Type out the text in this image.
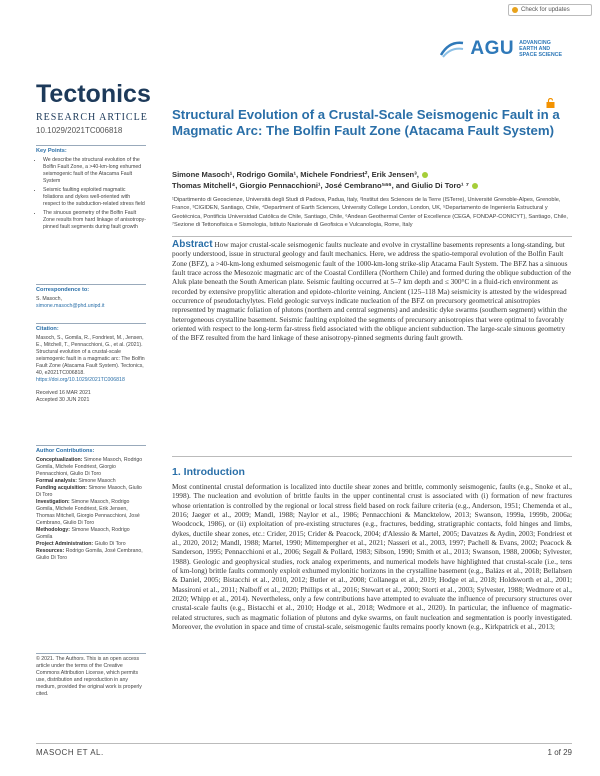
Check for updates
AGU ADVANCING
EARTH AND
SPACE SCIENCE
Tectonics
RESEARCH ARTICLE
10.1029/2021TC006818
Key Points:
• We describe the structural evolution of the Bolfin Fault Zone, a >40-km-long exhumed seismogenic fault of the Atacama Fault System
• Seismic faulting exploited magmatic foliations and dykes well-oriented with respect to the subduction-related stress field
• The sinuous geometry of the Bolfin Fault Zone results from hard linkage of anisotropy-pinned fault segments during fault growth
Correspondence to:

S. Masoch,

simone.masoch@phd.unipd.it

Citation:

Masoch, S., Gomila, R., Fondriest, M., Jensen, E., Mitchell, T., Pennacchioni, G., et al. (2021). Structural evolution of a crustal-scale seismogenic fault in a magmatic arc: The Bolfin Fault Zone (Atacama Fault System). Tectonics, 40, e2021TC006818.

https://doi.org/10.1029/2021TC006818

Received 16 MAR 2021

Accepted 30 JUN 2021

Author Contributions:

Conceptualization: Simone Masoch, Rodrigo Gomila, Michele Fondriest, Giorgio Pennacchioni, Giulio Di Toro

Formal analysis: Simone Masoch

Funding acquisition: Simone Masoch, Giulio Di Toro

Investigation: Simone Masoch, Rodrigo Gomila, Michele Fondriest, Erik Jensen, Thomas Mitchell, Giorgio Pennacchioni, José Cembrano, Giulio Di Toro

Methodology: Simone Masoch, Rodrigo Gomila

Project Administration: Giulio Di Toro

Resources: Rodrigo Gomila, José Cembrano, Giulio Di Toro

© 2021. The Authors. This is an open access article under the terms of the Creative Commons Attribution License, which permits use, distribution and reproduction in any medium, provided the original work is properly cited.

Structural Evolution of a Crustal-Scale Seismogenic Fault in a Magmatic Arc: The Bolfin Fault Zone (Atacama Fault System)
Simone Masoch¹, Rodrigo Gomila¹, Michele Fondriest², Erik Jensen³,
Thomas Mitchell⁴, Giorgio Pennacchioni¹, José Cembrano⁵ᵃ⁶, and Giulio Di Toro¹ ⁷
¹Dipartimento di Geoscienze, Università degli Studi di Padova, Padua, Italy, ²Institut des Sciences de la Terre (ISTerre), Université Grenoble-Alpes, Grenoble, France, ³CIGIDEN, Santiago, Chile, ⁴Department of Earth Sciences, University College London, London, UK, ⁵Departamento de Ingeniería Estructural y Geotécnica, Pontificia Universidad Católica de Chile, Santiago, Chile, ⁶Andean Geothermal Center of Excellence (CEGA, FONDAP-CONICYT), Santiago, Chile, ⁷Sezione di Tettonofisica e Sismologia, Istituto Nazionale di Geofisica e Vulcanologia, Rome, Italy
Abstract How major crustal-scale seismogenic faults nucleate and evolve in crystalline basements represents a long-standing, but poorly understood, issue in structural geology and fault mechanics. Here, we address the spatio-temporal evolution of the Bolfin Fault Zone (BFZ), a >40-km-long exhumed seismogenic fault of the 1000-km-long strike-slip Atacama Fault System. The BFZ has a sinuous fault trace across the Mesozoic magmatic arc of the Coastal Cordillera (Northern Chile) and formed during the oblique subduction of the Aluk plate beneath the South American plate. Seismic faulting occurred at 5–7 km depth and ≤ 300°C in a fluid-rich environment as recorded by extensive propylitic alteration and epidote-chlorite veining. Ancient (125–118 Ma) seismicity is attested by the widespread occurrence of pseudotachylytes. Field geologic surveys indicate nucleation of the BFZ on precursory geometrical anisotropies represented by magmatic foliation of plutons (northern and central segments) and andesitic dyke swarms (southern segment) within the heterogeneous crystalline basement. Seismic faulting exploited the segments of precursory anisotropies that were optimal to favorably oriented with respect to the long-term far-stress field associated with the oblique ancient subduction. The large-scale sinuous geometry of the BFZ resulted from the hard linkage of these anisotropy-pinned segments during fault growth.
1. Introduction
Most continental crustal deformation is localized into ductile shear zones and brittle, commonly seismogenic, faults (e.g., Snoke et al., 1998). The nucleation and evolution of brittle faults in the upper continental crust is associated with (i) formation of new fractures whose orientation is controlled by the regional or local stress field based on rock failure criteria (e.g., Anderson, 1951; Chemenda et al., 2016; Jaeger et al., 2009; Mandl, 1988; Naylor et al., 1986; Pennacchioni & Mancktelow, 2013; Swanson, 1999a, 1999b, 2006a; Woodcock, 1986), or (ii) exploitation of pre-existing structures (e.g., fractures, bedding, stratigraphic contacts, fold hinges and limbs, dykes, ductile shear zones, etc.: Crider, 2015; Crider & Peacock, 2004; d'Alessio & Martel, 2005; Davatzes & Aydin, 2003; Fondriest et al., 2020, 2012; Mandl, 1988; Martel, 1990; Mittempergher et al., 2021; Nasseri et al., 2003, 1997; Pachell & Evans, 2002; Peacock & Sanderson, 1995; Pennacchioni et al., 2006; Segall & Pollard, 1983; Sibson, 1990; Smith et al., 2013; Swanson, 1988, 2006b; Sylvester, 1988). Geologic and geophysical studies, rock analog experiments, and numerical models have highlighted that crustal-scale (i.e., tens of km-long) brittle faults commonly exploit exhumed mylonitic horizons in the crystalline basement (e.g., Balázs et al., 2018; Bellahsen & Daniel, 2005; Bistacchi et al., 2010, 2012; Butler et al., 2008; Collanega et al., 2019; Hodge et al., 2018; Holdsworth et al., 2001; Massironi et al., 2011; Nalboff et al., 2020; Phillips et al., 2016; Stewart et al., 2000; Storti et al., 2003; Sylvester, 1988; Wedmore et al., 2020; Whipp et al., 2014). Nevertheless, only a few contributions have attempted to evaluate the influence of precursory structures over crustal-scale faults (e.g., Bistacchi et al., 2010; Hodge et al., 2018; Wedmore et al., 2020). In particular, the influence of magmatic-related structures, such as magmatic foliation of plutons and dyke swarms, on fault nucleation and segmentation is poorly investigated. Moreover, the evolution in space and time of crustal-scale, seismogenic faults remains poorly known (e.g., Kirkpatrick et al., 2013;
MASOCH ET AL.	1 of 29
